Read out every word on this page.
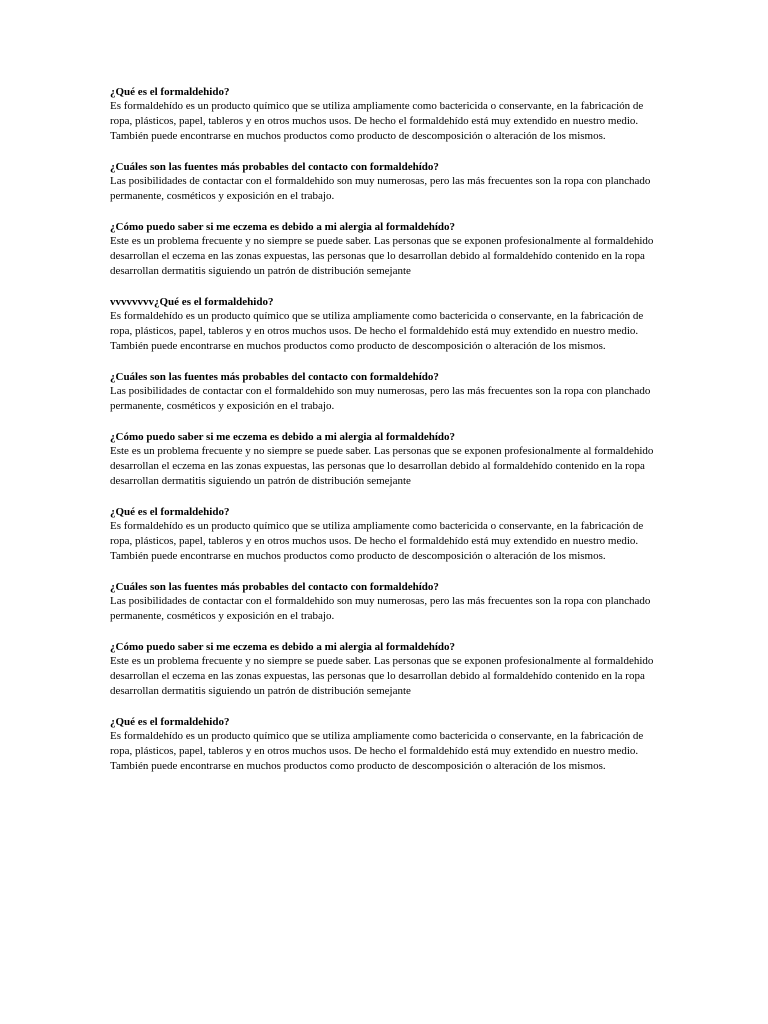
¿Qué es el formaldehido?

Es formaldehído es un producto químico que se utiliza ampliamente como bactericida o conservante, en la fabricación de ropa, plásticos, papel, tableros y en otros muchos usos. De hecho el formaldehído está muy extendido en nuestro medio. También puede encontrarse en muchos productos como producto de descomposición o alteración de los mismos.

¿Cuáles son las fuentes más probables del contacto con formaldehído?

Las posibilidades de contactar con el formaldehido son muy numerosas, pero las más frecuentes son la ropa con planchado permanente, cosméticos y exposición en el trabajo.

¿Cómo puedo saber si me eczema es debido a mi alergia al formaldehído?

Este es un problema frecuente y no siempre se puede saber. Las personas que se exponen profesionalmente al formaldehido desarrollan el eczema en las zonas expuestas, las personas que lo desarrollan debido al formaldehído contenido en la ropa desarrollan dermatitis siguiendo un patrón de distribución semejante

vvvvvvvv¿Qué es el formaldehido?

Es formaldehído es un producto químico que se utiliza ampliamente como bactericida o conservante, en la fabricación de ropa, plásticos, papel, tableros y en otros muchos usos. De hecho el formaldehído está muy extendido en nuestro medio. También puede encontrarse en muchos productos como producto de descomposición o alteración de los mismos.

¿Cuáles son las fuentes más probables del contacto con formaldehído?

Las posibilidades de contactar con el formaldehido son muy numerosas, pero las más frecuentes son la ropa con planchado permanente, cosméticos y exposición en el trabajo.

¿Cómo puedo saber si me eczema es debido a mi alergia al formaldehído?

Este es un problema frecuente y no siempre se puede saber. Las personas que se exponen profesionalmente al formaldehido desarrollan el eczema en las zonas expuestas, las personas que lo desarrollan debido al formaldehído contenido en la ropa desarrollan dermatitis siguiendo un patrón de distribución semejante

¿Qué es el formaldehido?

Es formaldehído es un producto químico que se utiliza ampliamente como bactericida o conservante, en la fabricación de ropa, plásticos, papel, tableros y en otros muchos usos. De hecho el formaldehído está muy extendido en nuestro medio. También puede encontrarse en muchos productos como producto de descomposición o alteración de los mismos.

¿Cuáles son las fuentes más probables del contacto con formaldehído?

Las posibilidades de contactar con el formaldehido son muy numerosas, pero las más frecuentes son la ropa con planchado permanente, cosméticos y exposición en el trabajo.

¿Cómo puedo saber si me eczema es debido a mi alergia al formaldehído?

Este es un problema frecuente y no siempre se puede saber. Las personas que se exponen profesionalmente al formaldehido desarrollan el eczema en las zonas expuestas, las personas que lo desarrollan debido al formaldehído contenido en la ropa desarrollan dermatitis siguiendo un patrón de distribución semejante

¿Qué es el formaldehido?

Es formaldehído es un producto químico que se utiliza ampliamente como bactericida o conservante, en la fabricación de ropa, plásticos, papel, tableros y en otros muchos usos. De hecho el formaldehído está muy extendido en nuestro medio. También puede encontrarse en muchos productos como producto de descomposición o alteración de los mismos.
